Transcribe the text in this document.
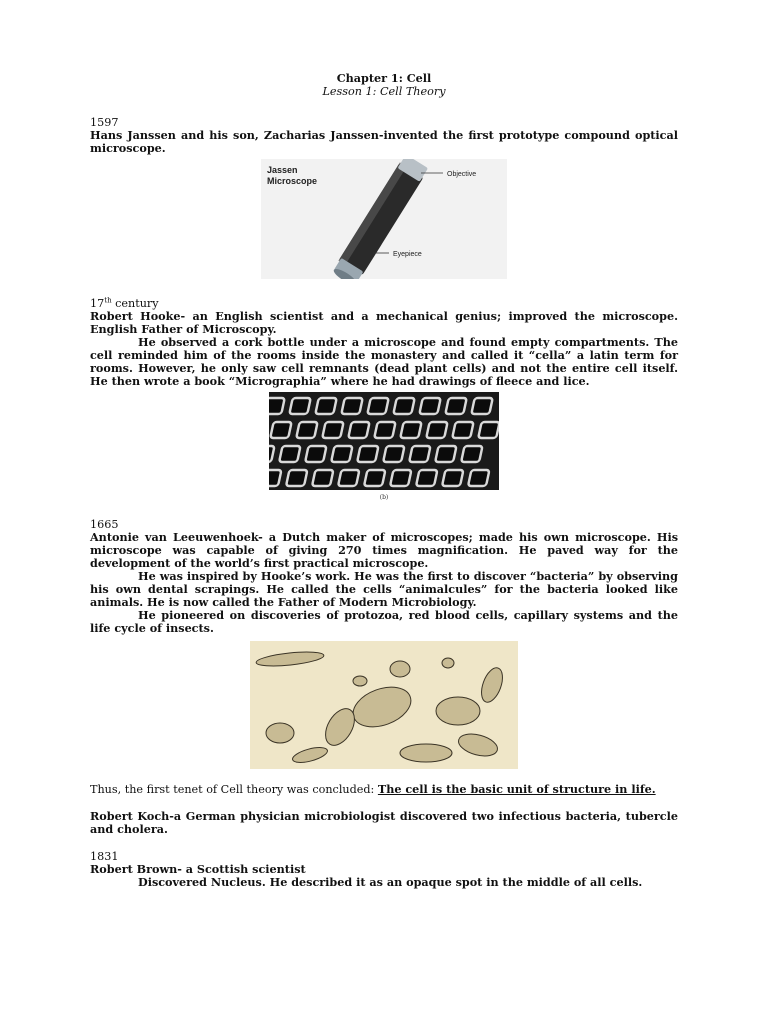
Chapter 1: Cell

Lesson 1: Cell Theory

1597

Hans Janssen and his son, Zacharias Janssen-invented the first prototype compound optical microscope.

Jassen
Microscope
Objective
Eyepiece

17th century

Robert Hooke- an English scientist and a mechanical genius; improved the microscope. English Father of Microscopy.

He observed a cork bottle under a microscope and found empty compartments. The cell reminded him of the rooms inside the monastery and called it “cella” a latin term for rooms. However, he only saw cell remnants (dead plant cells) and not the entire cell itself. He then wrote a book “Micrographia” where he had drawings of fleece and lice.

(b)

1665

Antonie van Leeuwenhoek- a Dutch maker of microscopes; made his own microscope. His microscope was capable of giving 270 times magnification. He paved way for the development of the world’s first practical microscope.

He was inspired by Hooke’s work. He was the first to discover “bacteria” by observing his own dental scrapings. He called the cells “animalcules” for the bacteria looked like animals. He is now called the Father of Modern Microbiology.

He pioneered on discoveries of protozoa, red blood cells, capillary systems and the life cycle of insects.

Thus, the first tenet of Cell theory was concluded: The cell is the basic unit of structure in life.

Robert Koch-a German physician microbiologist discovered two infectious bacteria, tubercle and cholera.

1831

Robert Brown- a Scottish scientist

Discovered Nucleus. He described it as an opaque spot in the middle of all cells.
